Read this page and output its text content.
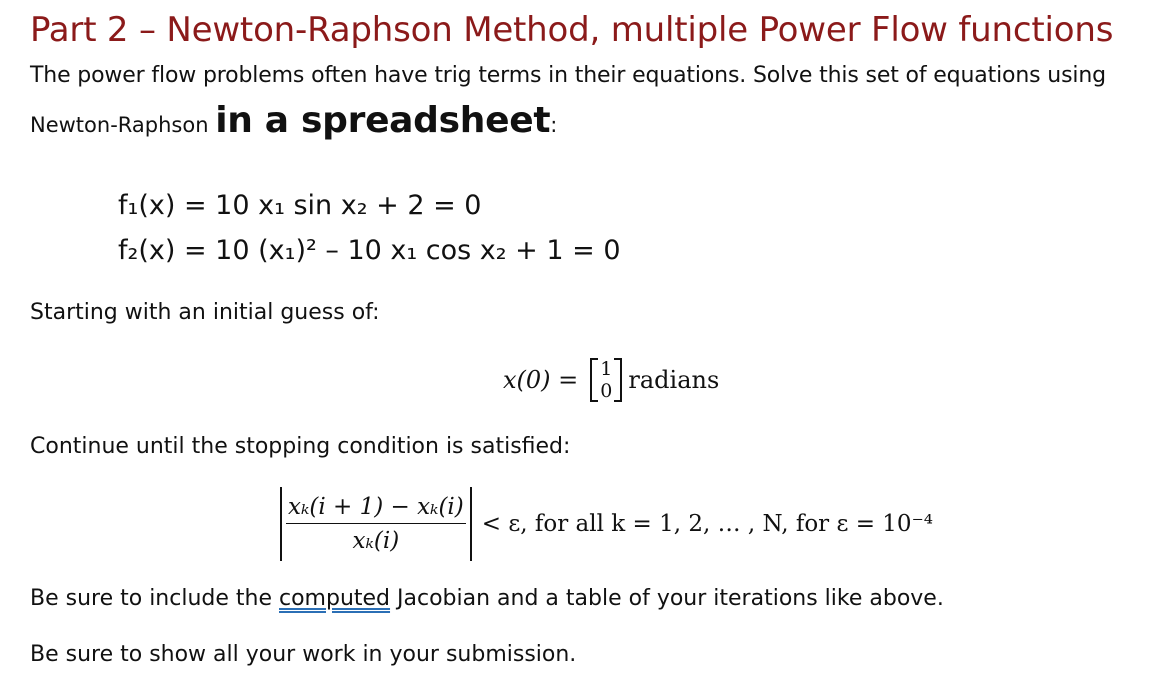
Part 2 – Newton-Raphson Method, multiple Power Flow functions
The power flow problems often have trig terms in their equations. Solve this set of equations using
Newton-Raphson in a spreadsheet:
f₁(x) = 10 x₁ sin x₂ + 2 = 0
f₂(x) = 10 (x₁)² – 10 x₁ cos x₂ + 1 = 0
Starting with an initial guess of:
x(0) = 1
0 radians
Continue until the stopping condition is satisfied:
$\frac{\text{xₖ(i + 1) − xₖ(i)}}{\text{xₖ(i)}} < \varepsilon$, for all k = 1, 2, … , N, for ε = 10⁻⁴
Be sure to include the computed Jacobian and a table of your iterations like above.
Be sure to show all your work in your submission.
